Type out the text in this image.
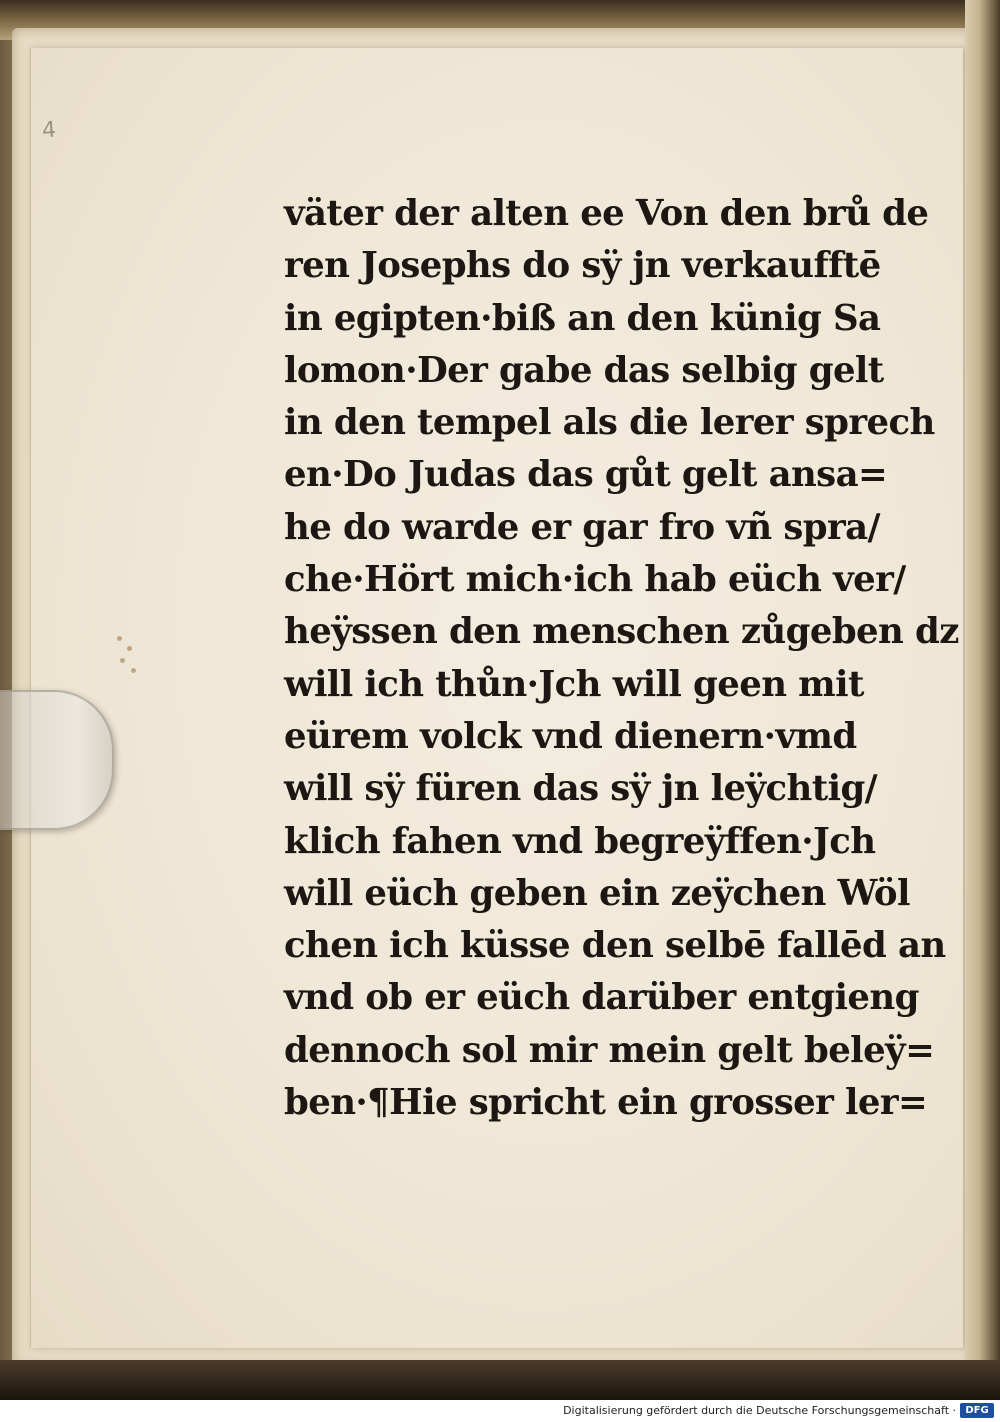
4
väter der alten ee Von den brů de
ren Josephs do sÿ jn verkaufftē
in egipten·biß an den künig Sa
lomon·Der gabe das selbig gelt
in den tempel als die lerer sprech
en·Do Judas das gůt gelt ansa=
he do warde er gar fro vñ spra/
che·Hört mich·ich hab eüch ver/
heÿssen den menschen zůgeben dz
will ich thůn·Jch will geen mit
eürem volck vnd dienern·vmd
will sÿ füren das sÿ jn leÿchtig/
klich fahen vnd begreÿffen·Jch
will eüch geben ein zeÿchen Wöl
chen ich küsse den selbē fallēd an
vnd ob er eüch darüber entgieng
dennoch sol mir mein gelt beleÿ=
ben·¶Hie spricht ein grosser ler=
Digitalisierung gefördert durch die Deutsche Forschungsgemeinschaft · DFG
